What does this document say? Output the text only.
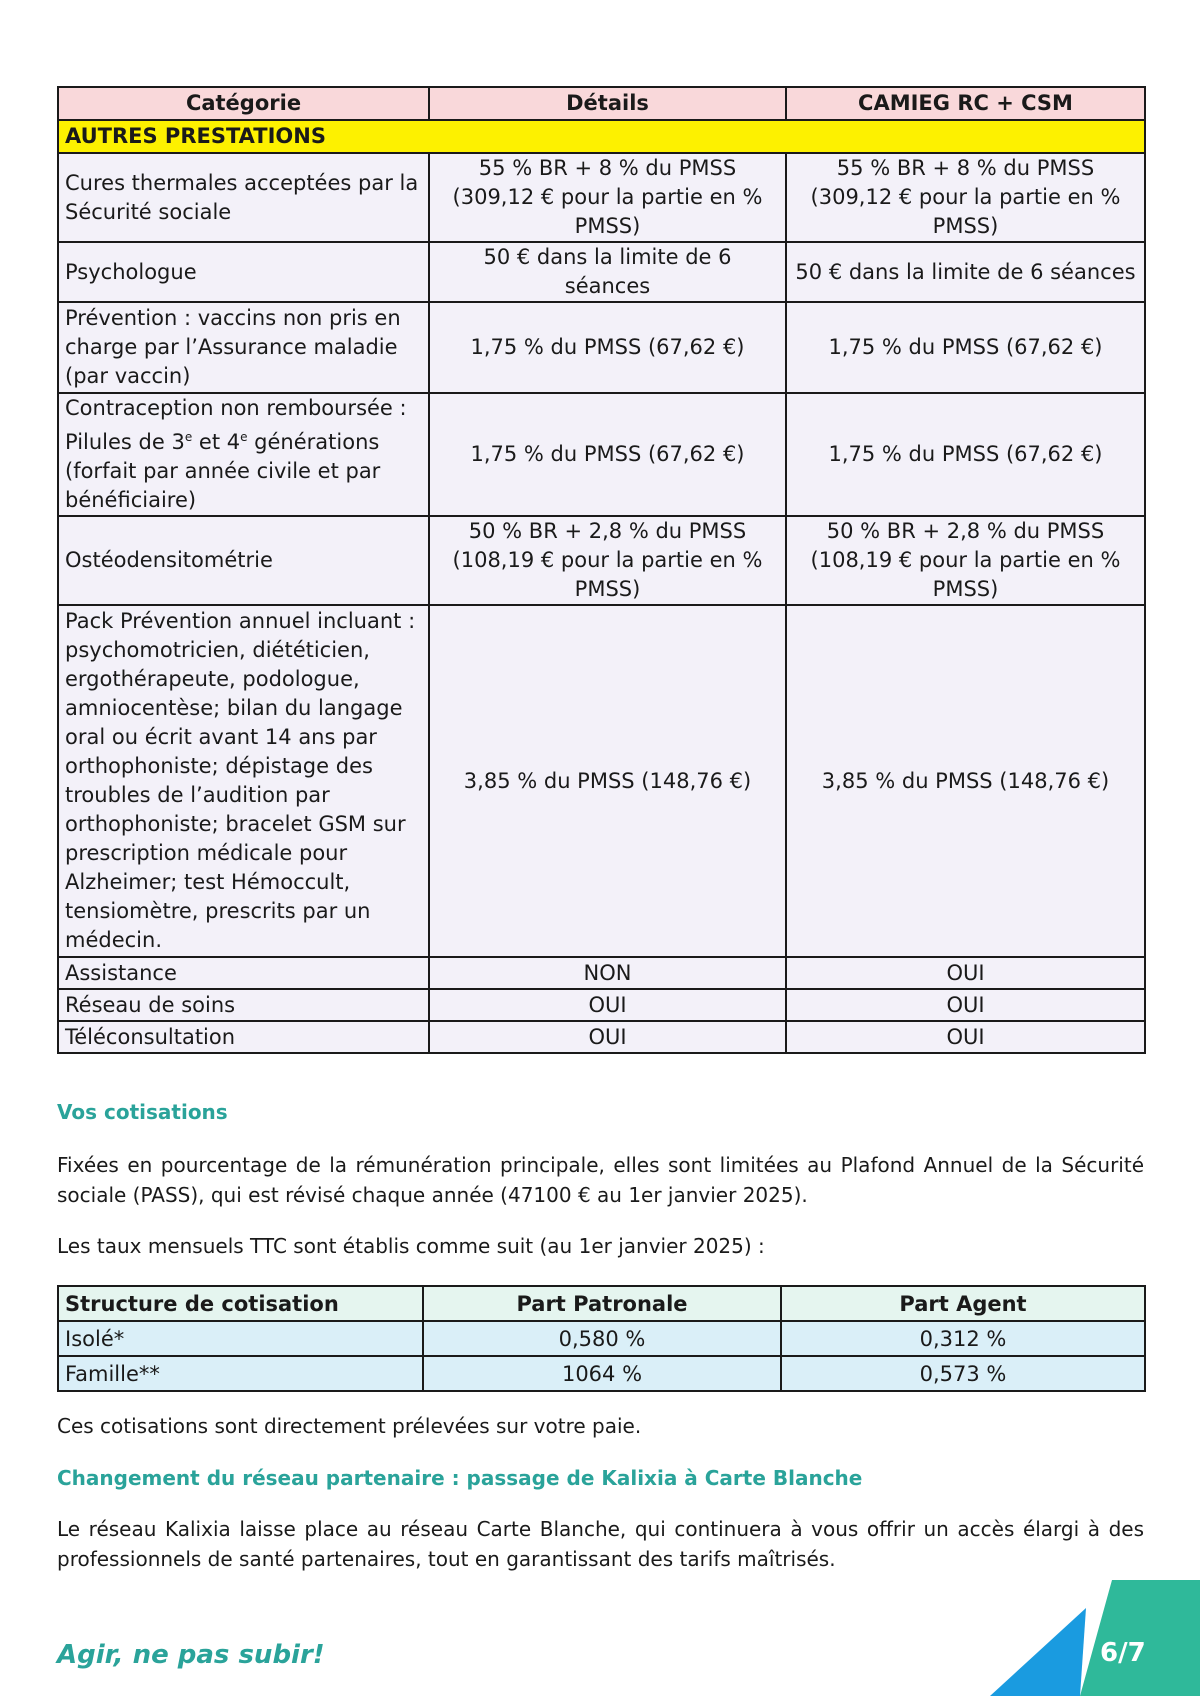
Catégorie	Détails	CAMIEG RC + CSM
AUTRES PRESTATIONS		
Cures thermales acceptées par la Sécurité sociale	55 % BR + 8 % du PMSS (309,12 € pour la partie en % PMSS)	55 % BR + 8 % du PMSS (309,12 € pour la partie en % PMSS)
Psychologue	50 € dans la limite de 6 séances	50 € dans la limite de 6 séances
Prévention : vaccins non pris en charge par l’Assurance maladie (par vaccin)	1,75 % du PMSS (67,62 €)	1,75 % du PMSS (67,62 €)
Contraception non remboursée : Pilules de 3e et 4e générations (forfait par année civile et par bénéficiaire)	1,75 % du PMSS (67,62 €)	1,75 % du PMSS (67,62 €)
Ostéodensitométrie	50 % BR + 2,8 % du PMSS (108,19 € pour la partie en % PMSS)	50 % BR + 2,8 % du PMSS (108,19 € pour la partie en % PMSS)
Pack Prévention annuel incluant : psychomotricien, diététicien, ergothérapeute, podologue, amniocentèse; bilan du langage oral ou écrit avant 14 ans par orthophoniste; dépistage des troubles de l’audition par orthophoniste; bracelet GSM sur prescription médicale pour Alzheimer; test Hémoccult, tensiomètre, prescrits par un médecin.	3,85 % du PMSS (148,76 €)	3,85 % du PMSS (148,76 €)
Assistance	NON	OUI
Réseau de soins	OUI	OUI
Téléconsultation	OUI	OUI
Vos cotisations

Fixées en pourcentage de la rémunération principale, elles sont limitées au Plafond Annuel de la Sécurité sociale (PASS), qui est révisé chaque année (47100 € au 1er janvier 2025).

Les taux mensuels TTC sont établis comme suit (au 1er janvier 2025) :

Structure de cotisation	Part Patronale	Part Agent
Isolé*	0,580 %	0,312 %
Famille**	1064 %	0,573 %

Ces cotisations sont directement prélevées sur votre paie.

Changement du réseau partenaire : passage de Kalixia à Carte Blanche

Le réseau Kalixia laisse place au réseau Carte Blanche, qui continuera à vous offrir un accès élargi à des professionnels de santé partenaires, tout en garantissant des tarifs maîtrisés.

Agir, ne pas subir!	6/7
